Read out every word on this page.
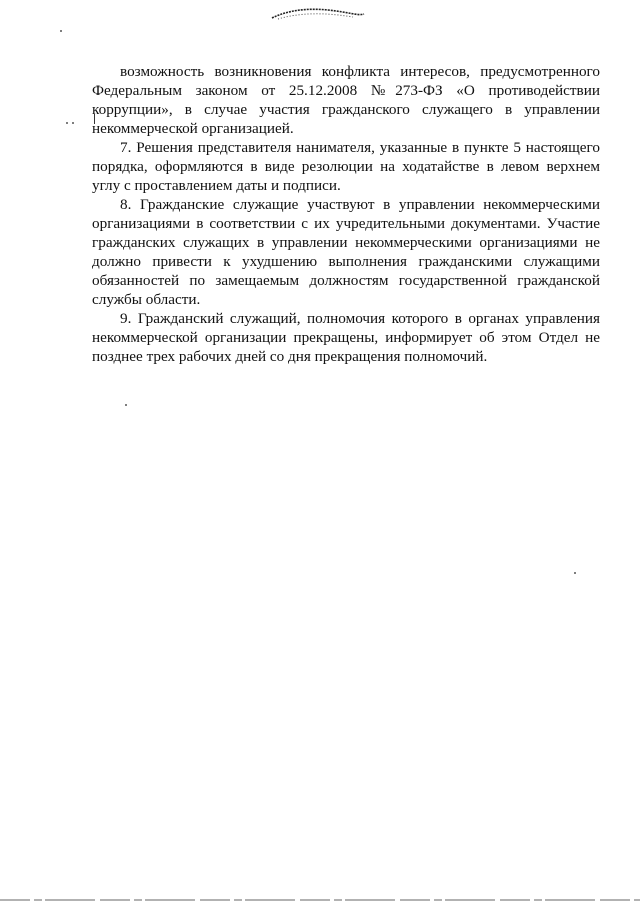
возможность возникновения конфликта интересов, предусмотренного Федеральным законом от 25.12.2008 №273-ФЗ «О противодействии коррупции», в случае участия гражданского служащего в управлении некоммерческой организацией.

7. Решения представителя нанимателя, указанные в пункте 5 настоящего порядка, оформляются в виде резолюции на ходатайстве в левом верхнем углу с проставлением даты и подписи.

8. Гражданские служащие участвуют в управлении некоммерческими организациями в соответствии с их учредительными документами. Участие гражданских служащих в управлении некоммерческими организациями не должно привести к ухудшению выполнения гражданскими служащими обязанностей по замещаемым должностям государственной гражданской службы области.

9. Гражданский служащий, полномочия которого в органах управления некоммерческой организации прекращены, информирует об этом Отдел не позднее трех рабочих дней со дня прекращения полномочий.
